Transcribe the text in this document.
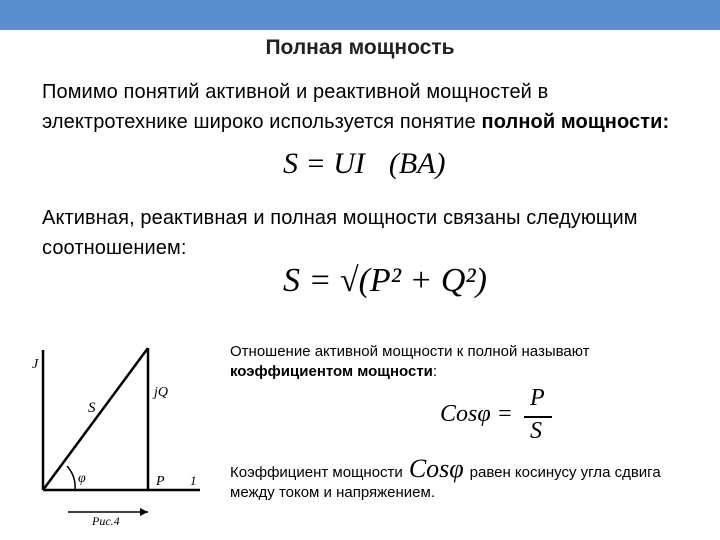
Полная мощность
Помимо понятий активной и реактивной мощностей в электротехнике широко используется понятие полной мощности:
S = UI (BA)
Активная, реактивная и полная мощности связаны следующим соотношением:
S = √(P² + Q²)
J
S
jQ
φ	P 1
Рис.4
Отношение активной мощности к полной называют коэффициентом мощности:
Cosφ =
P
S
Коэффициент мощности Cosφ равен косинусу угла сдвига между током и напряжением.
